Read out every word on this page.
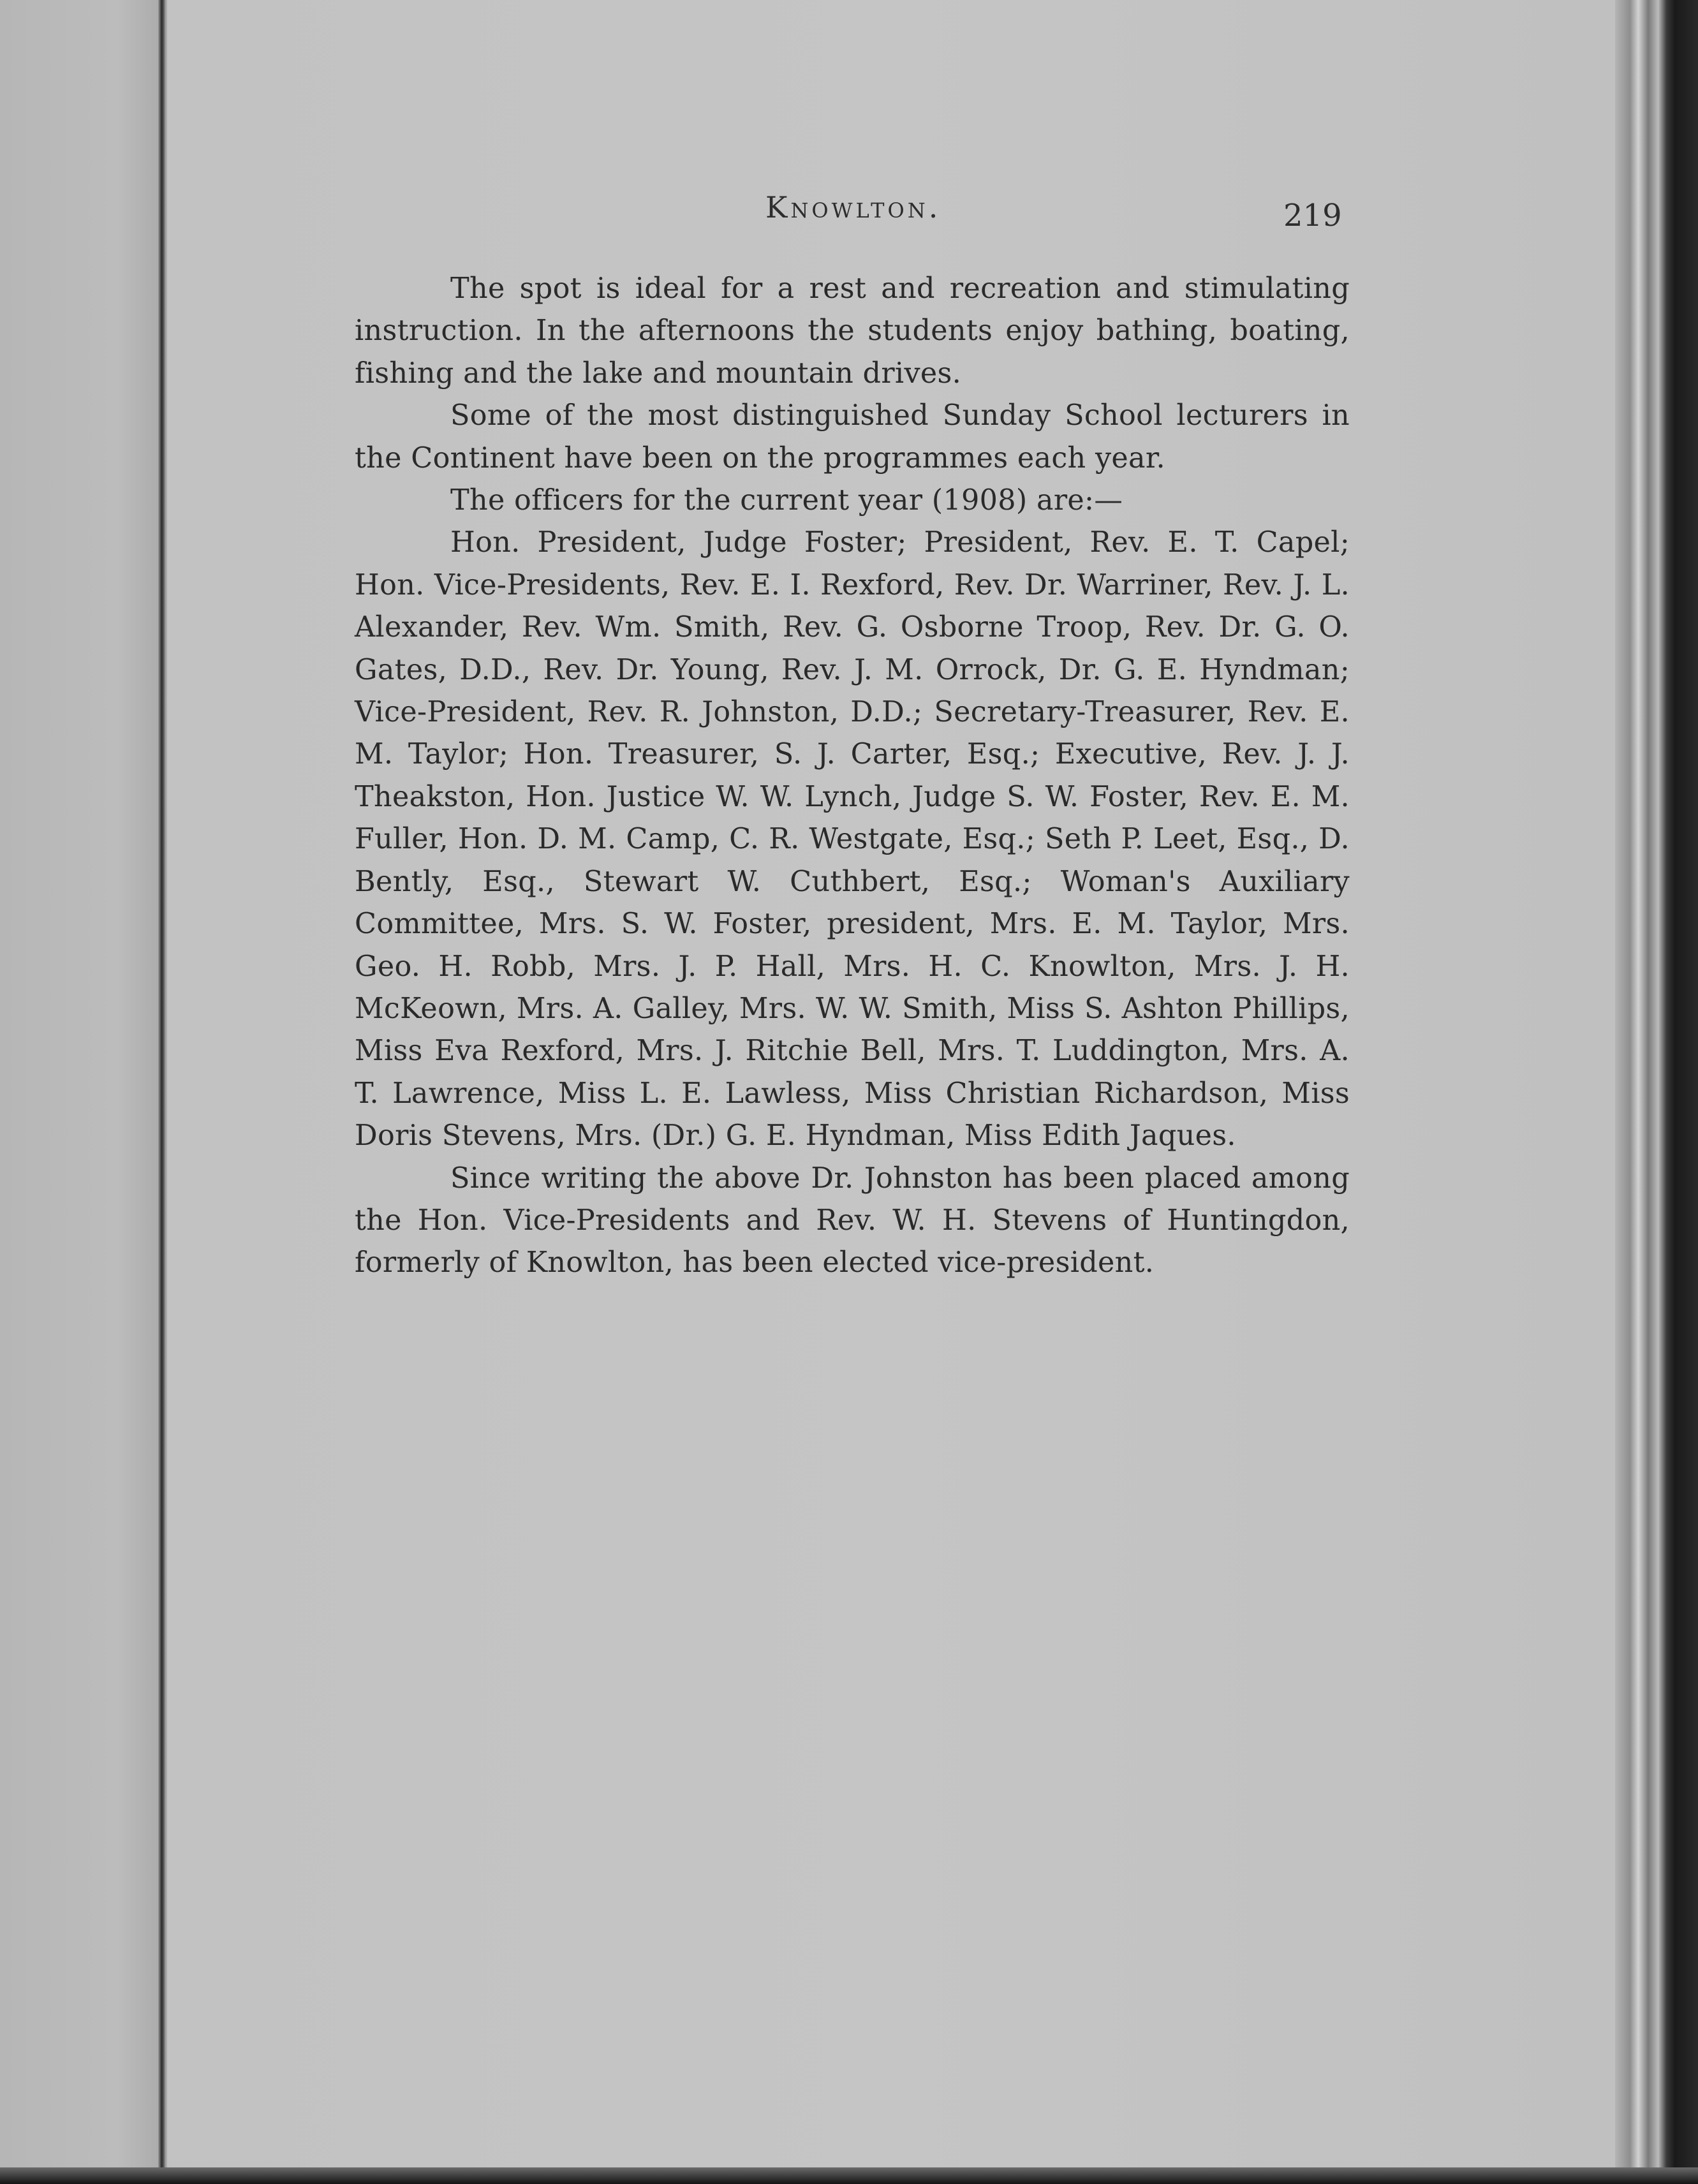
Knowlton.	219

The spot is ideal for a rest and recreation and stimulating instruction. In the afternoons the students enjoy bathing, boating, fishing and the lake and mountain drives.

Some of the most distinguished Sunday School lecturers in the Continent have been on the programmes each year.

The officers for the current year (1908) are:—

Hon. President, Judge Foster; President, Rev. E. T. Capel; Hon. Vice-Presidents, Rev. E. I. Rexford, Rev. Dr. Warriner, Rev. J. L. Alexander, Rev. Wm. Smith, Rev. G. Osborne Troop, Rev. Dr. G. O. Gates, D.D., Rev. Dr. Young, Rev. J. M. Orrock, Dr. G. E. Hyndman; Vice-President, Rev. R. Johnston, D.D.; Secretary-Treasurer, Rev. E. M. Taylor; Hon. Treasurer, S. J. Carter, Esq.; Executive, Rev. J. J. Theakston, Hon. Justice W. W. Lynch, Judge S. W. Foster, Rev. E. M. Fuller, Hon. D. M. Camp, C. R. Westgate, Esq.; Seth P. Leet, Esq., D. Bently, Esq., Stewart W. Cuthbert, Esq.; Woman's Auxiliary Committee, Mrs. S. W. Foster, president, Mrs. E. M. Taylor, Mrs. Geo. H. Robb, Mrs. J. P. Hall, Mrs. H. C. Knowlton, Mrs. J. H. McKeown, Mrs. A. Galley, Mrs. W. W. Smith, Miss S. Ashton Phillips, Miss Eva Rexford, Mrs. J. Ritchie Bell, Mrs. T. Luddington, Mrs. A. T. Lawrence, Miss L. E. Lawless, Miss Christian Richardson, Miss Doris Stevens, Mrs. (Dr.) G. E. Hyndman, Miss Edith Jaques.

Since writing the above Dr. Johnston has been placed among the Hon. Vice-Presidents and Rev. W. H. Stevens of Huntingdon, formerly of Knowlton, has been elected vice-president.
